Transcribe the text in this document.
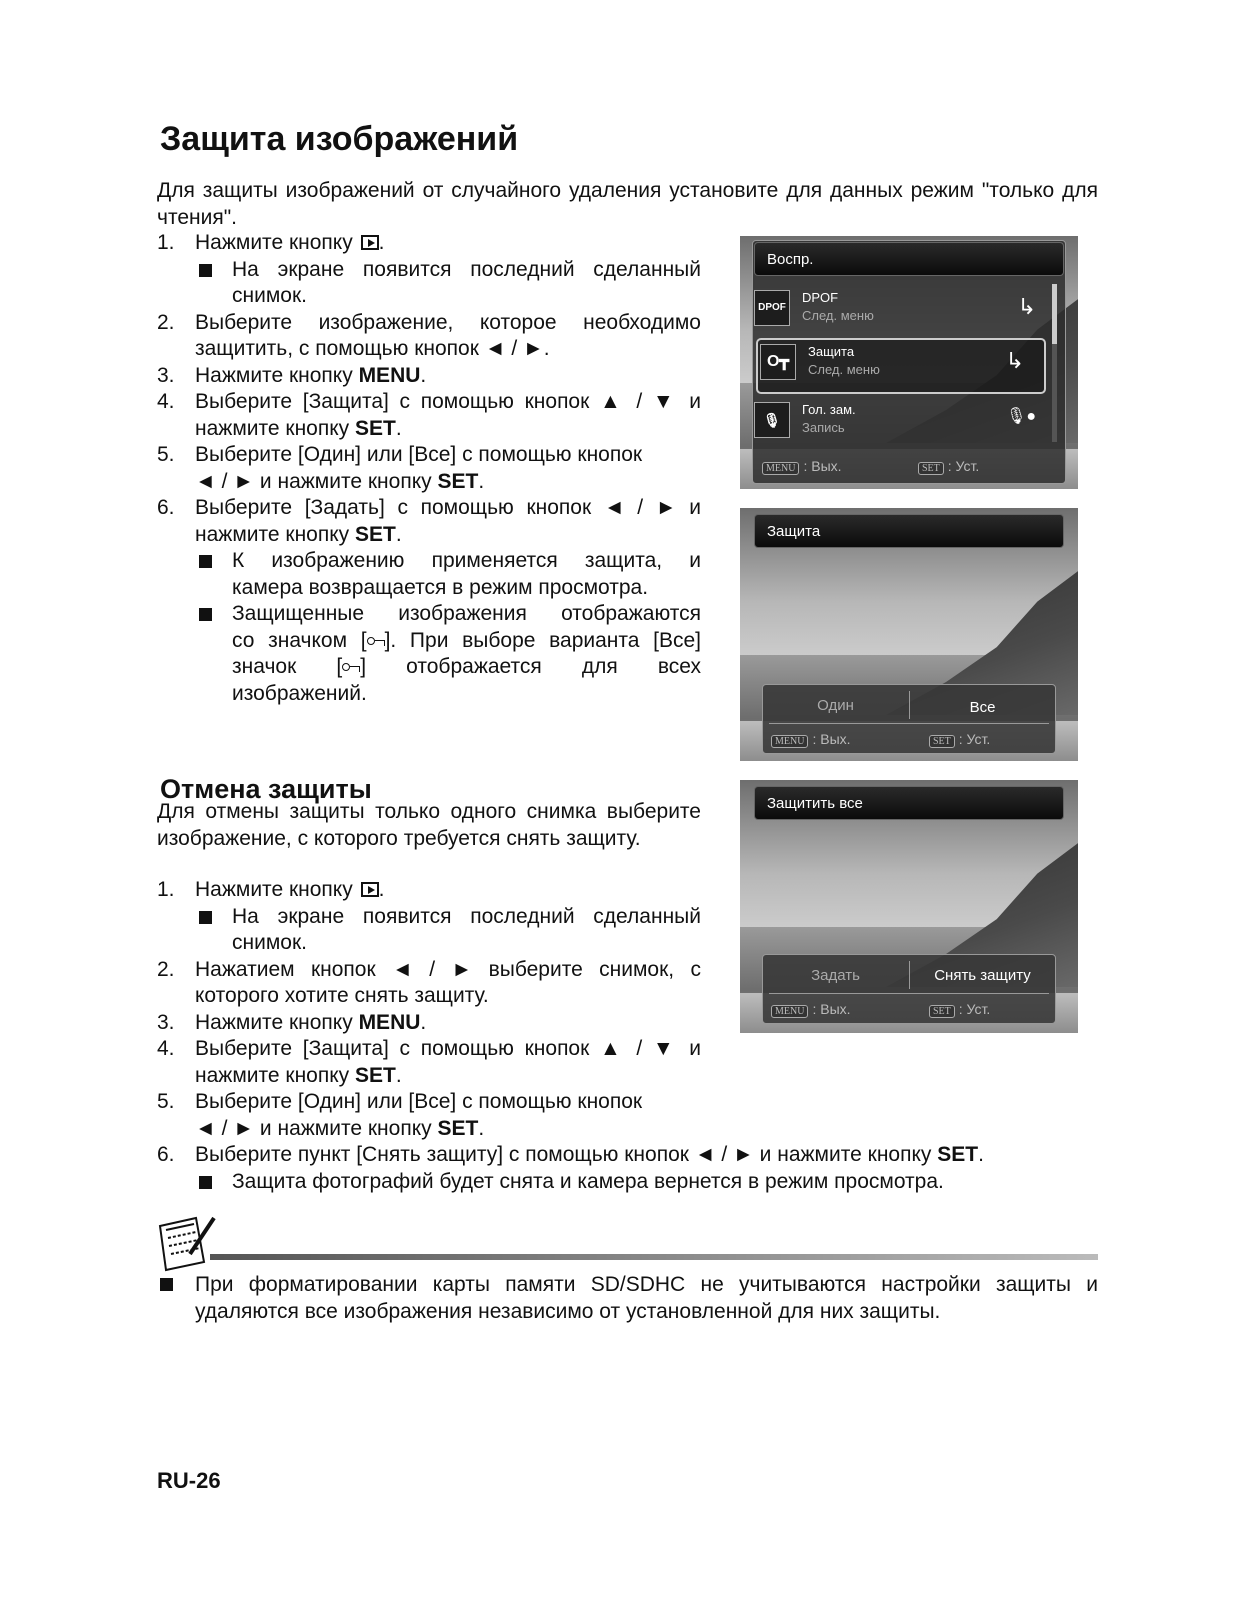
Защита изображений

Для защиты изображений от случайного удаления установите для данных режим "только для чтения".

1. Нажмите кнопку .
На экране появится последний сделанный снимок.
2. Выберите изображение, которое необходимо
защитить, с помощью кнопок ◄ / ►.
3. Нажмите кнопку MENU.
4. Выберите [Защита] с помощью кнопок ▲ / ▼ и
нажмите кнопку SET.
5. Выберите [Один] или [Все] с помощью кнопок
◄ / ► и нажмите кнопку SET.
6. Выберите [Задать] с помощью кнопок ◄ / ► и
нажмите кнопку SET.
К изображению применяется защита, и
камера возвращается в режим просмотра.
Защищенные изображения отображаются
со значком [ ]. При выборе варианта [Все]
значок [ ] отображается для всех
изображений.
Отмена защиты

Для отмены защиты только одного снимка выберите изображение, с которого требуется снять защиту.

1. Нажмите кнопку .
На экране появится последний сделанный
снимок.
2. Нажатием кнопок ◄ / ► выберите снимок, с
которого хотите снять защиту.
3. Нажмите кнопку MENU.
4. Выберите [Защита] с помощью кнопок ▲ / ▼ и
нажмите кнопку SET.
5. Выберите [Один] или [Все] с помощью кнопок
◄ / ► и нажмите кнопку SET.
6. Выберите пункт [Снять защиту] с помощью кнопок ◄ / ► и нажмите кнопку SET.
Защита фотографий будет снята и камера вернется в режим просмотра.
Воспр.
DPOF
DPOF
След. меню	↳
O┳
Защита
След. меню	↳
🎙
Гол. зам.
Запись
🎙●
MENU : Вых.	SET : Уст.
Защита
Один	Все
MENU : Вых.	SET : Уст.
Защитить все
Задать	Снять защиту
MENU : Вых.	SET : Уст.

При форматировании карты памяти SD/SDHC не учитываются настройки защиты и удаляются все изображения независимо от установленной для них защиты.

RU-26
